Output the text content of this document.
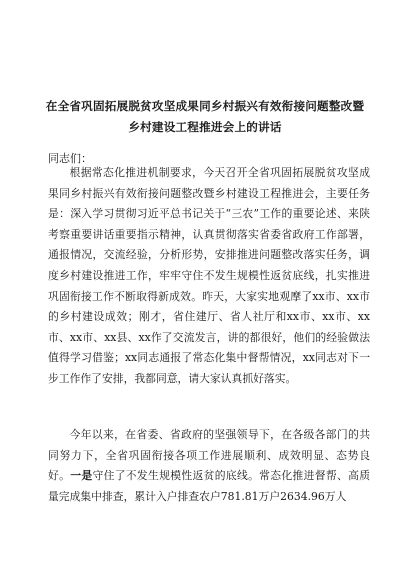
在全省巩固拓展脱贫攻坚成果同乡村振兴有效衔接问题整改暨乡村建设工程推进会上的讲话

同志们：

根据常态化推进机制要求，今天召开全省巩固拓展脱贫攻坚成果同乡村振兴有效衔接问题整改暨乡村建设工程推进会，主要任务是：深入学习贯彻习近平总书记关于“三农”工作的重要论述、来陕考察重要讲话重要指示精神，认真贯彻落实省委省政府工作部署，通报情况，交流经验，分析形势，安排推进问题整改落实任务，调度乡村建设推进工作，牢牢守住不发生规模性返贫底线，扎实推进巩固衔接工作不断取得新成效。昨天，大家实地观摩了xx市、xx市的乡村建设成效；刚才，省住建厅、省人社厅和xx市、xx市、xx市、xx市、xx县、xx作了交流发言，讲的都很好，他们的经验做法值得学习借鉴；xx同志通报了常态化集中督帮情况，xx同志对下一步工作作了安排，我都同意，请大家认真抓好落实。

今年以来，在省委、省政府的坚强领导下，在各级各部门的共同努力下，全省巩固衔接各项工作进展顺利、成效明显、态势良好。一是守住了不发生规模性返贫的底线。常态化推进督帮、高质量完成集中排查，累计入户排查农户781.81万户2634.96万人
